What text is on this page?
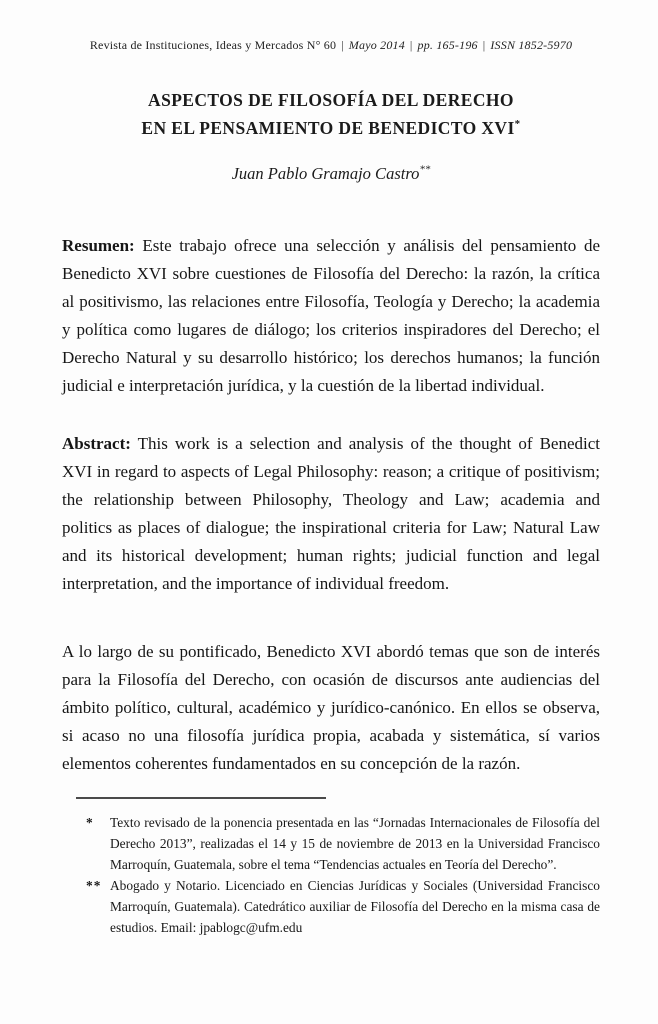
Revista de Instituciones, Ideas y Mercados N° 60 | Mayo 2014 | pp. 165-196 | ISSN 1852-5970
ASPECTOS DE FILOSOFÍA DEL DERECHO
EN EL PENSAMIENTO DE BENEDICTO XVI*
Juan Pablo Gramajo Castro**

Resumen: Este trabajo ofrece una selección y análisis del pensamiento de Benedicto XVI sobre cuestiones de Filosofía del Derecho: la razón, la crítica al positivismo, las relaciones entre Filosofía, Teología y Derecho; la academia y política como lugares de diálogo; los criterios inspiradores del Derecho; el Derecho Natural y su desarrollo histórico; los derechos humanos; la función judicial e interpretación jurídica, y la cuestión de la libertad individual.

Abstract: This work is a selection and analysis of the thought of Benedict XVI in regard to aspects of Legal Philosophy: reason; a critique of positivism; the relationship between Philosophy, Theology and Law; academia and politics as places of dialogue; the inspirational criteria for Law; Natural Law and its historical development; human rights; judicial function and legal interpretation, and the importance of individual freedom.

A lo largo de su pontificado, Benedicto XVI abordó temas que son de interés para la Filosofía del Derecho, con ocasión de discursos ante audiencias del ámbito político, cultural, académico y jurídico-canónico. En ellos se observa, si acaso no una filosofía jurídica propia, acabada y sistemática, sí varios elementos coherentes fundamentados en su concepción de la razón.

*	Texto revisado de la ponencia presentada en las “Jornadas Internacionales de Filosofía del Derecho 2013”, realizadas el 14 y 15 de noviembre de 2013 en la Universidad Francisco Marroquín, Guatemala, sobre el tema “Tendencias actuales en Teoría del Derecho”.
** Abogado y Notario. Licenciado en Ciencias Jurídicas y Sociales (Universidad Francisco Marroquín, Guatemala). Catedrático auxiliar de Filosofía del Derecho en la misma casa de estudios. Email: jpablogc@ufm.edu
